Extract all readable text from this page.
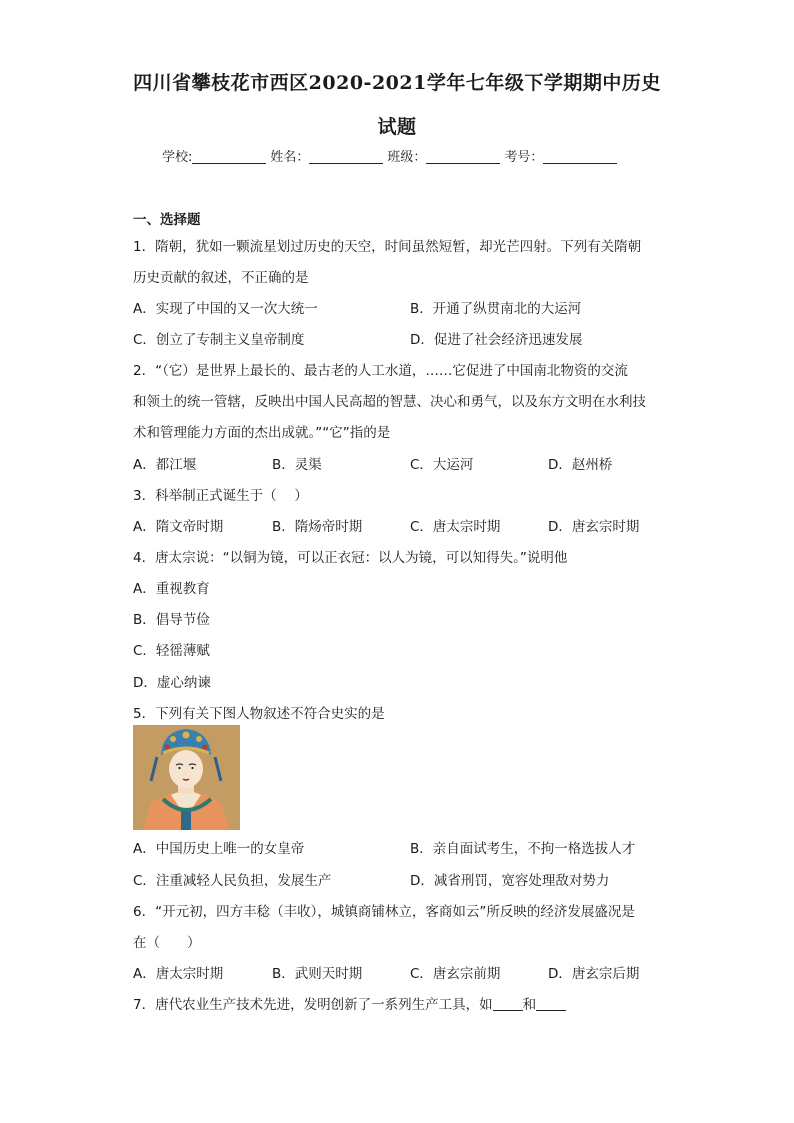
四川省攀枝花市西区2020-2021学年七年级下学期期中历史
试题
学校:	姓名：	班级：	考号：
一、选择题
1．隋朝，犹如一颗流星划过历史的天空，时间虽然短暂，却光芒四射。下列有关隋朝
历史贡献的叙述，不正确的是
A．实现了中国的又一次大统一	B．开通了纵贯南北的大运河
C．创立了专制主义皇帝制度	D．促进了社会经济迅速发展
2．“（它）是世界上最长的、最古老的人工水道，……它促进了中国南北物资的交流
和领土的统一管辖，反映出中国人民高超的智慧、决心和勇气，以及东方文明在水利技
术和管理能力方面的杰出成就。”“它”指的是
A．都江堰	B．灵渠	C．大运河	D．赵州桥
3．科举制正式诞生于（　 ）
A．隋文帝时期	B．隋炀帝时期	C．唐太宗时期	D．唐玄宗时期
4．唐太宗说：“以铜为镜，可以正衣冠：以人为镜，可以知得失。”说明他
A．重视教育
B．倡导节俭
C．轻徭薄赋
D．虚心纳谏
5．下列有关下图人物叙述不符合史实的是
A．中国历史上唯一的女皇帝	B．亲自面试考生，不拘一格选拔人才
C．注重减轻人民负担，发展生产	D．减省刑罚，宽容处理敌对势力
6．“开元初，四方丰稔（丰收），城镇商铺林立，客商如云”所反映的经济发展盛况是
在（　　）
A．唐太宗时期	B．武则天时期	C．唐玄宗前期	D．唐玄宗后期
7．唐代农业生产技术先进，发明创新了一系列生产工具，如 和
